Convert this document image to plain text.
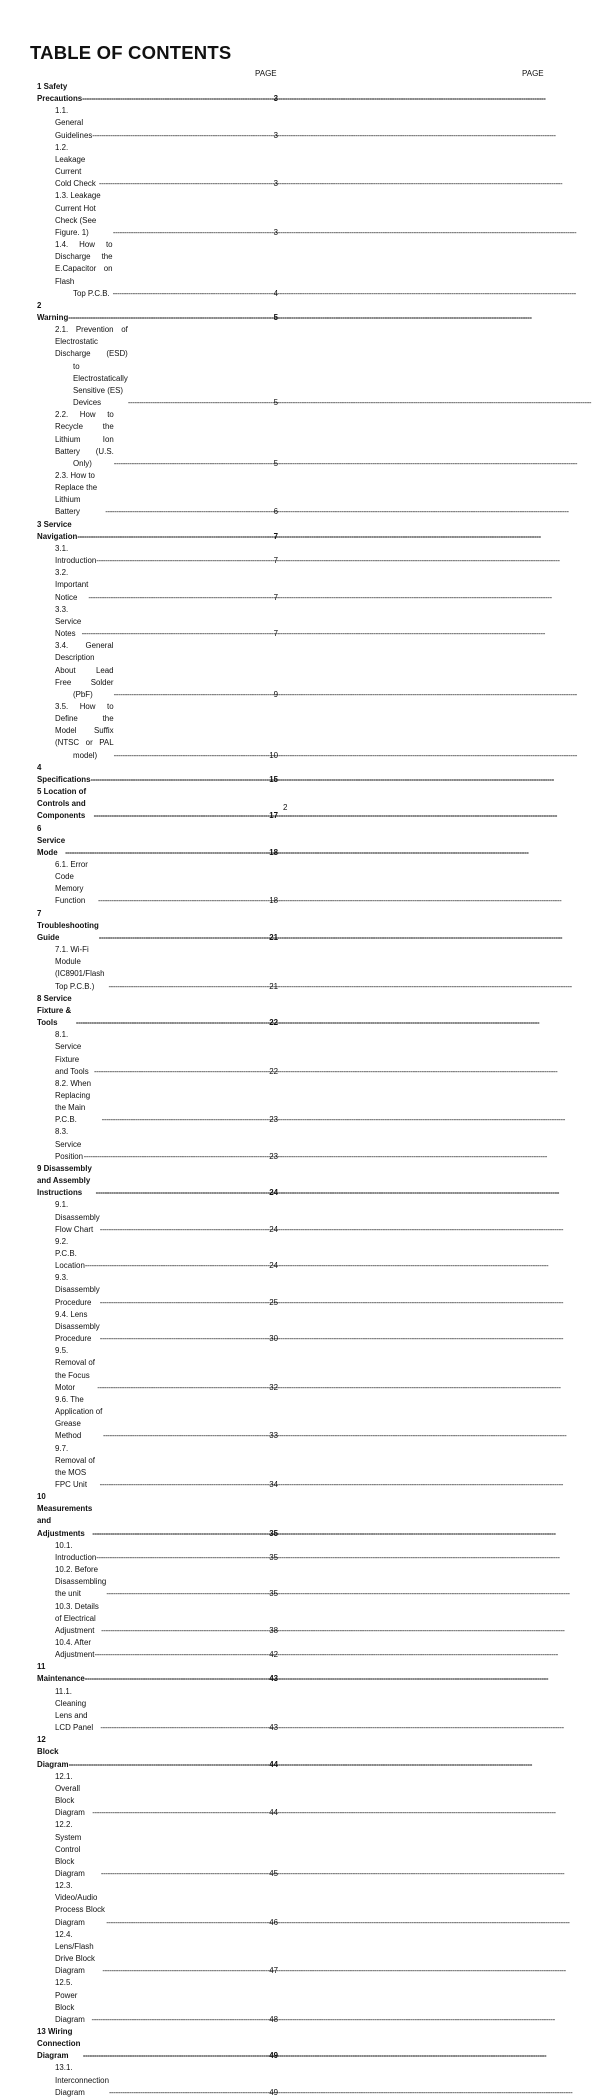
TABLE OF CONTENTS
PAGE	PAGE
1 Safety Precautions -----	3
1.1. General Guidelines -----	3
1.2. Leakage Current Cold Check -----	3
1.3. Leakage Current Hot Check (See Figure. 1) -----	3
1.4. How to Discharge the E.Capacitor on Flash
Top P.C.B. -----	4
2 Warning -----	5
2.1. Prevention of Electrostatic Discharge (ESD)
to Electrostatically Sensitive (ES) Devices -----	5
2.2. How to Recycle the Lithium Ion Battery (U.S.
Only) -----	5
2.3. How to Replace the Lithium Battery -----	6
3 Service Navigation -----	7
3.1. Introduction -----	7
3.2. Important Notice -----	7
3.3. Service Notes -----	7
3.4. General Description About Lead Free Solder
(PbF) -----	9
3.5. How to Define the Model Suffix (NTSC or PAL
model) -----	10
4 Specifications -----	15
5 Location of Controls and Components -----	17
6 Service Mode -----	18
6.1. Error Code Memory Function -----	18
7 Troubleshooting Guide -----	21
7.1. Wi-Fi Module (IC8901/Flash Top P.C.B.) -----	21
8 Service Fixture & Tools -----	22
8.1. Service Fixture and Tools -----	22
8.2. When Replacing the Main P.C.B. -----	23
8.3. Service Position -----	23
9 Disassembly and Assembly Instructions -----	24
9.1. Disassembly Flow Chart -----	24
9.2. P.C.B. Location -----	24
9.3. Disassembly Procedure -----	25
9.4. Lens Disassembly Procedure -----	30
9.5. Removal of the Focus Motor -----	32
9.6. The Application of Grease Method -----	33
9.7. Removal of the MOS FPC Unit -----	34
10 Measurements and Adjustments -----	35
10.1. Introduction -----	35
10.2. Before Disassembling the unit -----	35
10.3. Details of Electrical Adjustment -----	38
10.4. After Adjustment -----	42
11 Maintenance -----	43
11.1. Cleaning Lens and LCD Panel -----	43
12 Block Diagram -----	44
12.1. Overall Block Diagram -----	44
12.2. System Control Block Diagram -----	45
12.3. Video/Audio Process Block Diagram -----	46
12.4. Lens/Flash Drive Block Diagram -----	47
12.5. Power Block Diagram -----	48
13 Wiring Connection Diagram -----	49
13.1. Interconnection Diagram -----	49
2
